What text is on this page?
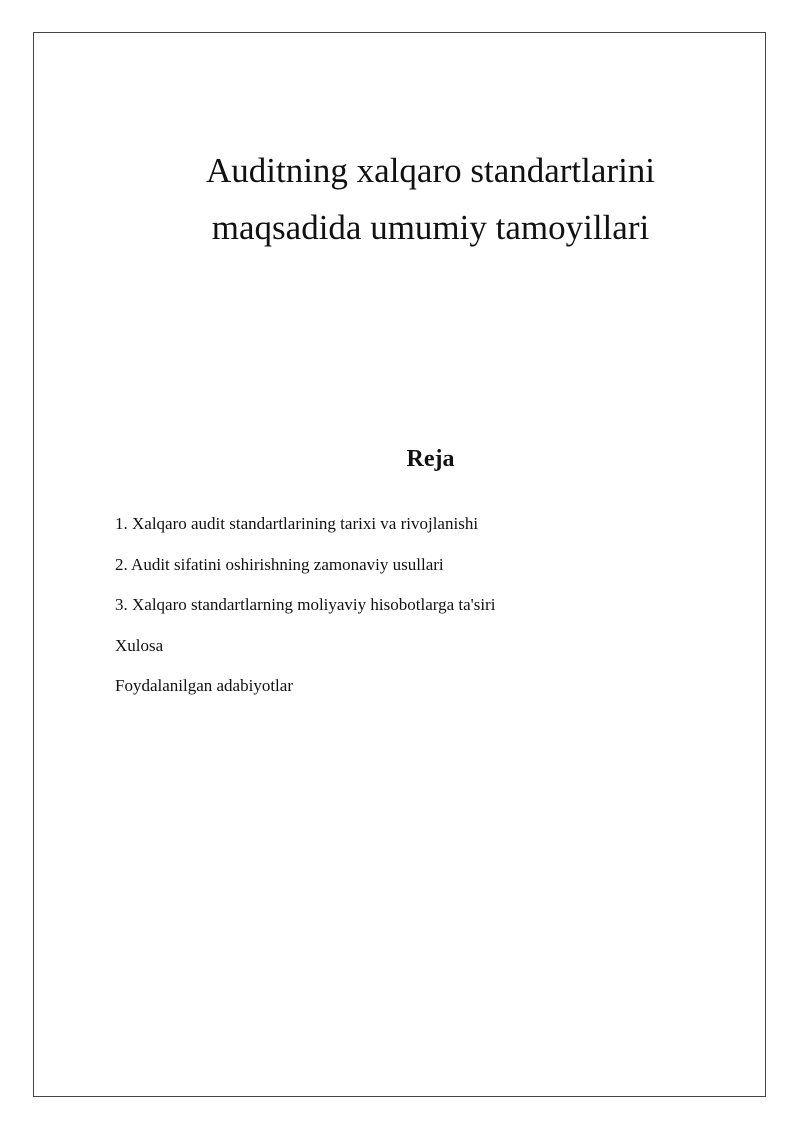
Auditning xalqaro standartlarini
maqsadida umumiy tamoyillari
Reja
1. Xalqaro audit standartlarining tarixi va rivojlanishi
2. Audit sifatini oshirishning zamonaviy usullari
3. Xalqaro standartlarning moliyaviy hisobotlarga ta'siri
Xulosa
Foydalanilgan adabiyotlar
